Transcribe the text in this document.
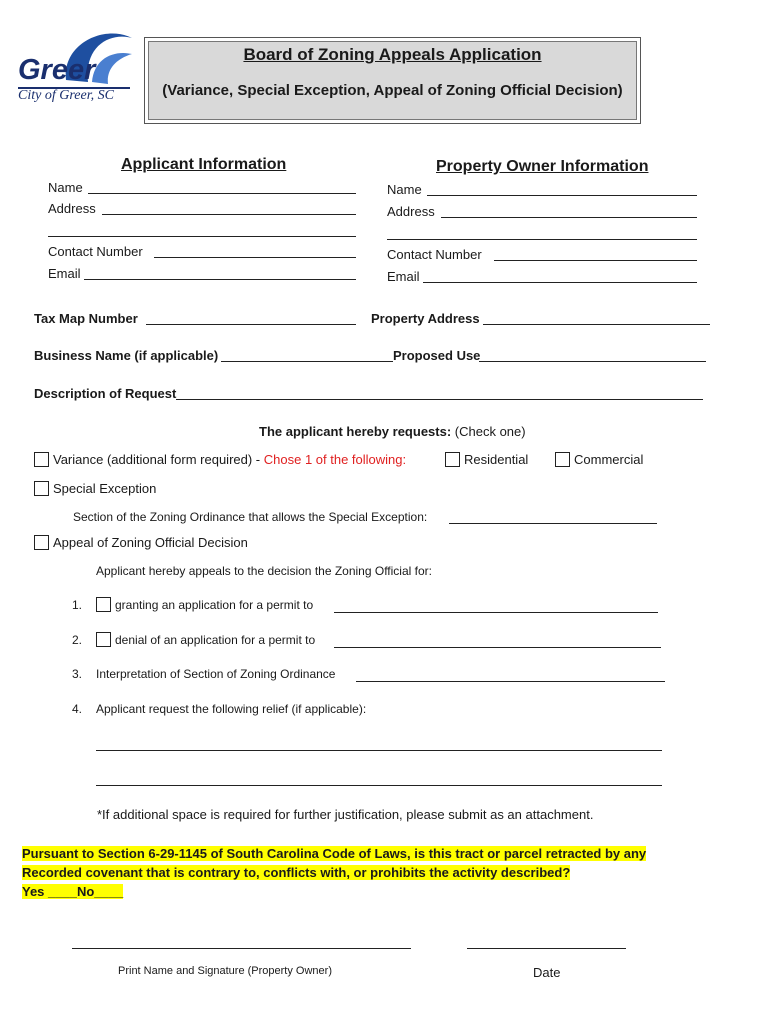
Greer
City of Greer, SC
Board of Zoning Appeals Application
(Variance, Special Exception, Appeal of Zoning Official Decision)
Applicant Information
Name
Address
Contact Number
Email
Property Owner Information
Name
Address
Contact Number
Email
Tax Map Number	Property Address
Business Name (if applicable)	Proposed Use
Description of Request
The applicant hereby requests: (Check one)
Variance (additional form required) - Chose 1 of the following:	Residential	Commercial
Special Exception
Section of the Zoning Ordinance that allows the Special Exception:
Appeal of Zoning Official Decision
Applicant hereby appeals to the decision the Zoning Official for:
1.	granting an application for a permit to
2.	denial of an application for a permit to
3. Interpretation of Section of Zoning Ordinance
4. Applicant request the following relief (if applicable):
*If additional space is required for further justification, please submit as an attachment.
Pursuant to Section 6-29-1145 of South Carolina Code of Laws, is this tract or parcel retracted by any
Recorded covenant that is contrary to, conflicts with, or prohibits the activity described?
Yes ____No____
Print Name and Signature (Property Owner)	Date
